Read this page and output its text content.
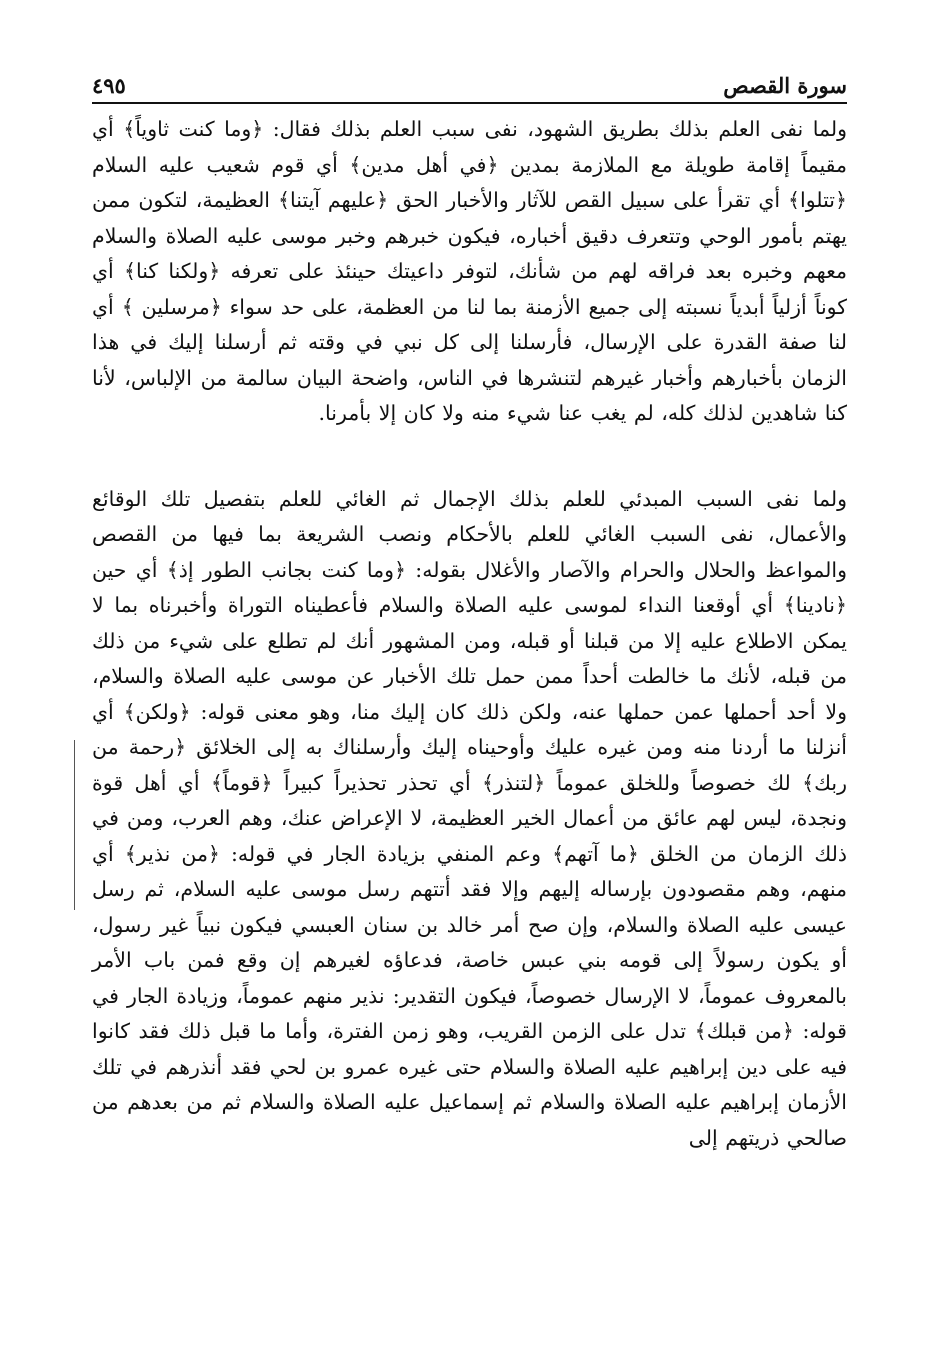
سورة القصص
٤٩٥

ولما نفى العلم بذلك بطريق الشهود، نفى سبب العلم بذلك فقال: ﴿وما كنت ثاوياً﴾ أي مقيماً إقامة طويلة مع الملازمة بمدين ﴿في أهل مدين﴾ أي قوم شعيب عليه السلام ﴿تتلوا﴾ أي تقرأ على سبيل القص للآثار والأخبار الحق ﴿عليهم آيتنا﴾ العظيمة، لتكون ممن يهتم بأمور الوحي وتتعرف دقيق أخباره، فيكون خبرهم وخبر موسى عليه الصلاة والسلام معهم وخبره بعد فراقه لهم من شأنك، لتوفر داعيتك حينئذ على تعرفه ﴿ولكنا كنا﴾ أي كوناً أزلياً أبدياً نسبته إلى جميع الأزمنة بما لنا من العظمة، على حد سواء ﴿مرسلين ﴾ أي لنا صفة القدرة على الإرسال، فأرسلنا إلى كل نبي في وقته ثم أرسلنا إليك في هذا الزمان بأخبارهم وأخبار غيرهم لتنشرها في الناس، واضحة البيان سالمة من الإلباس، لأنا كنا شاهدين لذلك كله، لم يغب عنا شيء منه ولا كان إلا بأمرنا.

ولما نفى السبب المبدئي للعلم بذلك الإجمال ثم الغائي للعلم بتفصيل تلك الوقائع والأعمال، نفى السبب الغائي للعلم بالأحكام ونصب الشريعة بما فيها من القصص والمواعظ والحلال والحرام والآصار والأغلال بقوله: ﴿وما كنت بجانب الطور إذ﴾ أي حين ﴿نادينا﴾ أي أوقعنا النداء لموسى عليه الصلاة والسلام فأعطيناه التوراة وأخبرناه بما لا يمكن الاطلاع عليه إلا من قبلنا أو قبله، ومن المشهور أنك لم تطلع على شيء من ذلك من قبله، لأنك ما خالطت أحداً ممن حمل تلك الأخبار عن موسى عليه الصلاة والسلام، ولا أحد أحملها عمن حملها عنه، ولكن ذلك كان إليك منا، وهو معنى قوله: ﴿ولكن﴾ أي أنزلنا ما أردنا منه ومن غيره عليك وأوحيناه إليك وأرسلناك به إلى الخلائق ﴿رحمة من ربك﴾ لك خصوصاً وللخلق عموماً ﴿لتنذر﴾ أي تحذر تحذيراً كبيراً ﴿قوماً﴾ أي أهل قوة ونجدة، ليس لهم عائق من أعمال الخير العظيمة، لا الإعراض عنك، وهم العرب، ومن في ذلك الزمان من الخلق ﴿ما آتهم﴾ وعم المنفي بزيادة الجار في قوله: ﴿من نذير﴾ أي منهم، وهم مقصودون بإرساله إليهم وإلا فقد أتتهم رسل موسى عليه السلام، ثم رسل عيسى عليه الصلاة والسلام، وإن صح أمر خالد بن سنان العبسي فيكون نبياً غير رسول، أو يكون رسولاً إلى قومه بني عبس خاصة، فدعاؤه لغيرهم إن وقع فمن باب الأمر بالمعروف عموماً، لا الإرسال خصوصاً، فيكون التقدير: نذير منهم عموماً، وزيادة الجار في قوله: ﴿من قبلك﴾ تدل على الزمن القريب، وهو زمن الفترة، وأما ما قبل ذلك فقد كانوا فيه على دين إبراهيم عليه الصلاة والسلام حتى غيره عمرو بن لحي فقد أنذرهم في تلك الأزمان إبراهيم عليه الصلاة والسلام ثم إسماعيل عليه الصلاة والسلام ثم من بعدهم من صالحي ذريتهم إلى
